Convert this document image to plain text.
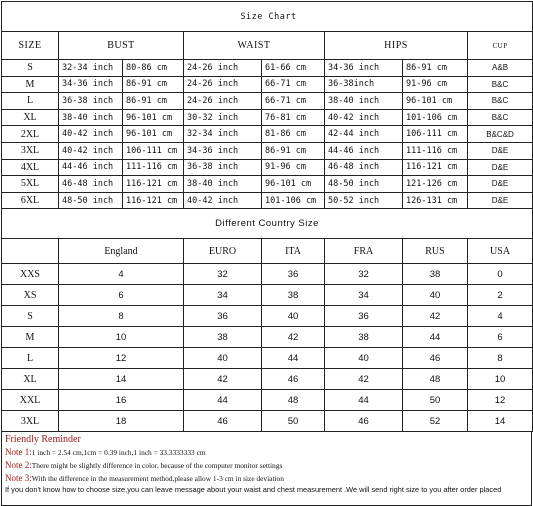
Size Chart							
SIZE	BUST		WAIST		HIPS		CUP
S	32-34 inch	80-86 cm	24-26 inch	61-66 cm	34-36 inch	86-91 cm	A&B
M	34-36 inch	86-91 cm	24-26 inch	66-71 cm	36-38inch	91-96 cm	B&C
L	36-38 inch	86-91 cm	24-26 inch	66-71 cm	38-40 inch	96-101 cm	B&C
XL	38-40 inch	96-101 cm	30-32 inch	76-81 cm	40-42 inch	101-106 cm	B&C
2XL	40-42 inch	96-101 cm	32-34 inch	81-86 cm	42-44 inch	106-111 cm	B&C&D
3XL	40-42 inch	106-111 cm	34-36 inch	86-91 cm	44-46 inch	111-116 cm	D&E
4XL	44-46 inch	111-116 cm	36-38 inch	91-96 cm	46-48 inch	116-121 cm	D&E
5XL	46-48 inch	116-121 cm	38-40 inch	96-101 cm	48-50 inch	121-126 cm	D&E
6XL	48-50 inch	116-121 cm	40-42 inch	101-106 cm	50-52 inch	126-131 cm	D&E
Different Country Size						
	England	EURO	ITA	FRA	RUS	USA
XXS	4	32	36	32	38	0
XS	6	34	38	34	40	2
S	8	36	40	36	42	4
M	10	38	42	38	44	6
L	12	40	44	40	46	8
XL	14	42	46	42	48	10
XXL	16	44	48	44	50	12
3XL	18	46	50	46	52	14
Friendly Reminder
Note 1:1 inch = 2.54 cm,1cm = 0.39 inch,1 inch = 33.3333333 cm
Note 2:There might be slightly difference in color, because of the computer monitor settings
Note 3:With the difference in the measurement method,please allow 1-3 cm in size deviation
If you don't know how to choose size,you can leave message about your waist and chest measurement .We will send right size to you after order placed
